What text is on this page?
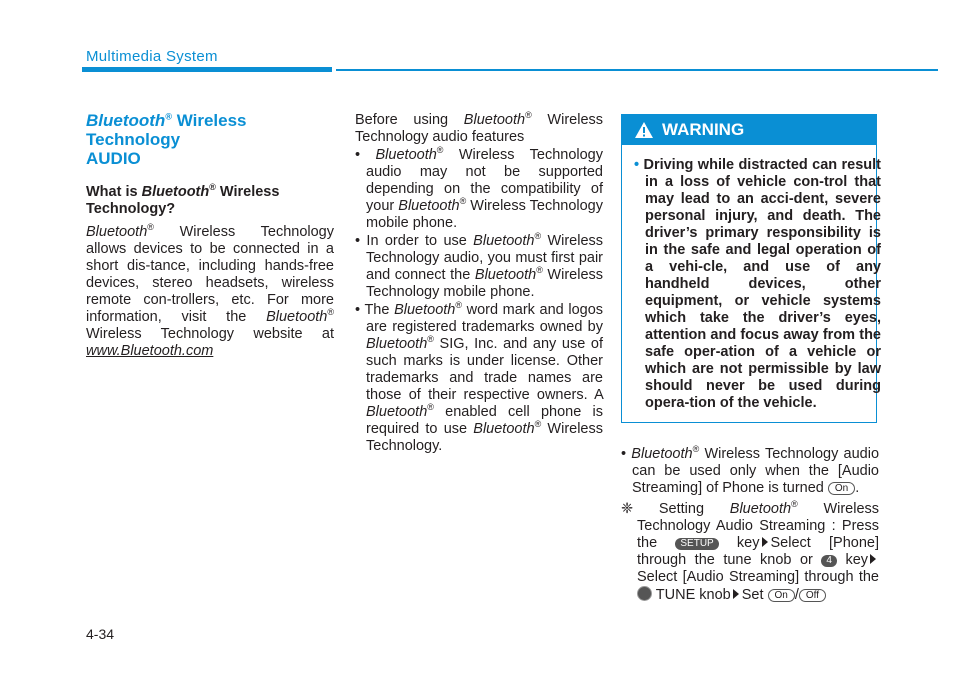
Multimedia System
Bluetooth® Wireless Technology
AUDIO
What is Bluetooth® Wireless Technology?
Bluetooth® Wireless Technology allows devices to be connected in a short dis-tance, including hands-free devices, stereo headsets, wireless remote con-trollers, etc. For more information, visit the Bluetooth® Wireless Technology website at www.Bluetooth.com
Before using Bluetooth® Wireless Technology audio features
• Bluetooth® Wireless Technology audio may not be supported depending on the compatibility of your Bluetooth® Wireless Technology mobile phone.
• In order to use Bluetooth® Wireless Technology audio, you must first pair and connect the Bluetooth® Wireless Technology mobile phone.
• The Bluetooth® word mark and logos are registered trademarks owned by Bluetooth® SIG, Inc. and any use of such marks is under license. Other trademarks and trade names are those of their respective owners. A Bluetooth® enabled cell phone is required to use Bluetooth® Wireless Technology.
WARNING
• Driving while distracted can result in a loss of vehicle con-trol that may lead to an acci-dent, severe personal injury, and death. The driver’s primary responsibility is in the safe and legal operation of a vehi-cle, and use of any handheld devices, other equipment, or vehicle systems which take the driver’s eyes, attention and focus away from the safe oper-ation of a vehicle or which are not permissible by law should never be used during opera-tion of the vehicle.
• Bluetooth® Wireless Technology audio can be used only when the [Audio Streaming] of Phone is turned On .
❈ Setting Bluetooth® Wireless Technology Audio Streaming : Press the SETUP key Select [Phone] through the tune knob or 4 key Select [Audio Streaming] through the  TUNE knob Set On / Off
4-34
